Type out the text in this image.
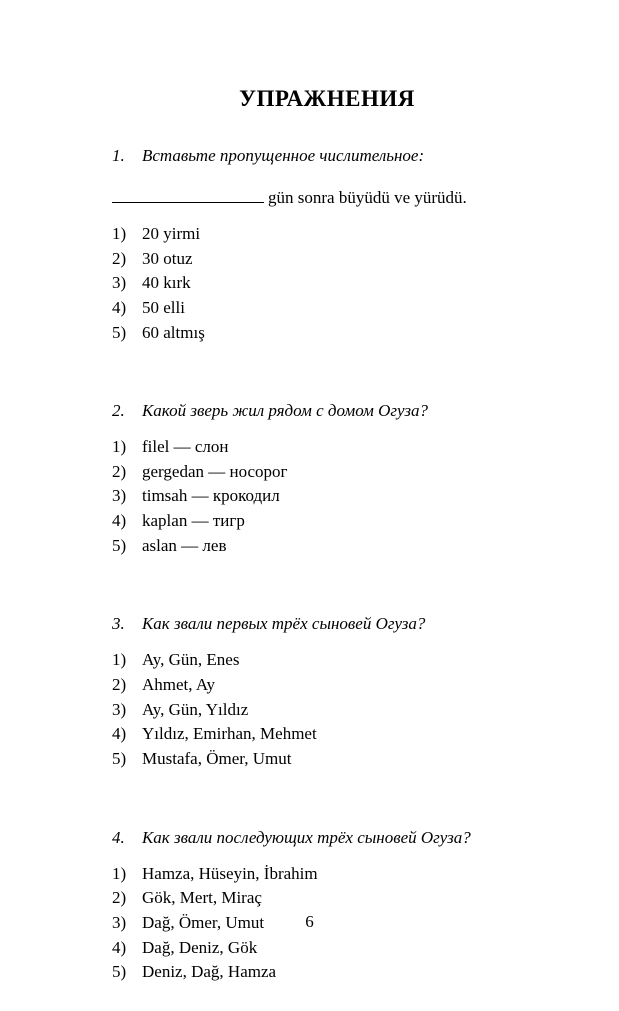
УПРАЖНЕНИЯ
1.	Вставьте пропущенное числительное:
gün sonra büyüdü ve yürüdü.
1) 20 yirmi
2) 30 otuz
3) 40 kırk
4) 50 elli
5) 60 altmış
2.	Какой зверь жил рядом с домом Огуза?
1) filel — слон
2) gergedan — носорог
3) timsah — крокодил
4) kaplan — тигр
5) aslan — лев
3.	Как звали первых трёх сыновей Огуза?
1) Ay, Gün, Enes
2) Ahmet, Ay
3) Ay, Gün, Yıldız
4) Yıldız, Emirhan, Mehmet
5) Mustafa, Ömer, Umut
4.	Как звали последующих трёх сыновей Огуза?
1) Hamza, Hüseyin, İbrahim
2) Gök, Mert, Miraç
3) Dağ, Ömer, Umut
4) Dağ, Deniz, Gök
5) Deniz, Dağ, Hamza
6
